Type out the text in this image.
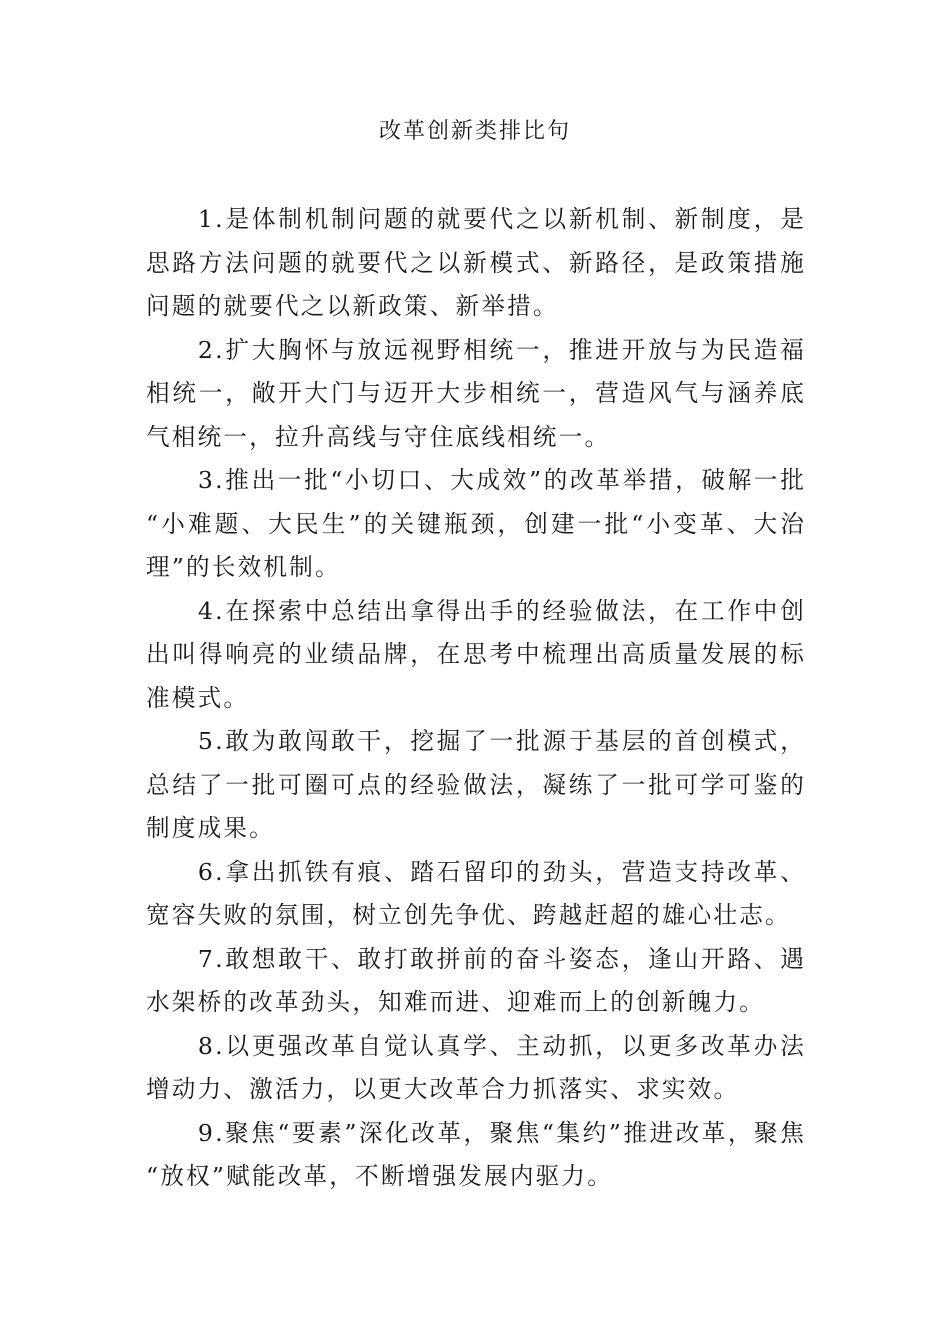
改革创新类排比句

1.是体制机制问题的就要代之以新机制、新制度，是思路方法问题的就要代之以新模式、新路径，是政策措施问题的就要代之以新政策、新举措。

2.扩大胸怀与放远视野相统一，推进开放与为民造福相统一，敞开大门与迈开大步相统一，营造风气与涵养底气相统一，拉升高线与守住底线相统一。

3.推出一批“小切口、大成效”的改革举措，破解一批“小难题、大民生”的关键瓶颈，创建一批“小变革、大治理”的长效机制。

4.在探索中总结出拿得出手的经验做法，在工作中创出叫得响亮的业绩品牌，在思考中梳理出高质量发展的标准模式。

5.敢为敢闯敢干，挖掘了一批源于基层的首创模式，总结了一批可圈可点的经验做法，凝练了一批可学可鉴的制度成果。

6.拿出抓铁有痕、踏石留印的劲头，营造支持改革、宽容失败的氛围，树立创先争优、跨越赶超的雄心壮志。

7.敢想敢干、敢打敢拼前的奋斗姿态，逢山开路、遇水架桥的改革劲头，知难而进、迎难而上的创新魄力。

8.以更强改革自觉认真学、主动抓，以更多改革办法增动力、激活力，以更大改革合力抓落实、求实效。

9.聚焦“要素”深化改革，聚焦“集约”推进改革，聚焦“放权”赋能改革，不断增强发展内驱力。
